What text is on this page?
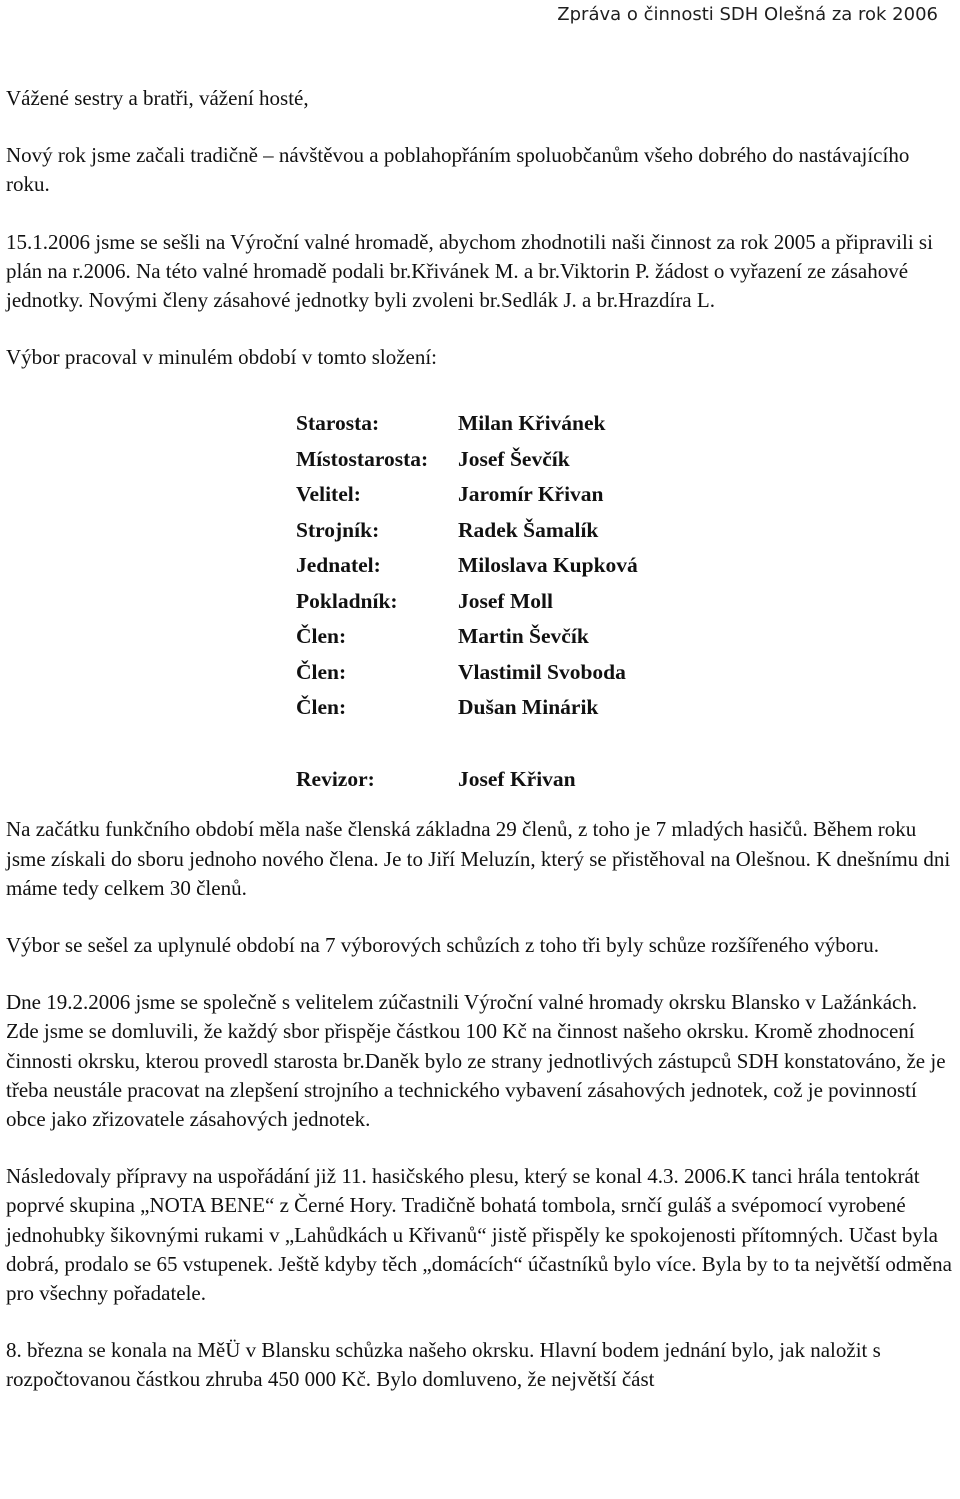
Zpráva o činnosti SDH Olešná za rok 2006

Vážené sestry a bratři, vážení hosté,

Nový rok jsme začali tradičně – návštěvou a poblahopřáním spoluobčanům všeho dobrého do nastávajícího roku.

15.1.2006 jsme se sešli na Výroční valné hromadě, abychom zhodnotili naši činnost za rok 2005 a připravili si plán na r.2006. Na této valné hromadě podali br.Křivánek M. a br.Viktorin P. žádost o vyřazení ze zásahové jednotky. Novými členy zásahové jednotky byli zvoleni br.Sedlák J. a br.Hrazdíra L.

Výbor pracoval v minulém období v tomto složení:

Starosta:	Milan Křivánek
Místostarosta:	Josef Ševčík
Velitel:	Jaromír Křivan
Strojník:	Radek Šamalík
Jednatel:	Miloslava Kupková
Pokladník:	Josef Moll
Člen:	Martin Ševčík
Člen:	Vlastimil Svoboda
Člen:	Dušan Minárik
Revizor:	Josef Křivan

Na začátku funkčního období měla naše členská základna 29 členů, z toho je 7 mladých hasičů. Během roku jsme získali do sboru jednoho nového člena. Je to Jiří Meluzín, který se přistěhoval na Olešnou. K dnešnímu dni máme tedy celkem 30 členů.

Výbor se sešel za uplynulé období na 7 výborových schůzích z toho tři byly schůze rozšířeného výboru.

Dne 19.2.2006 jsme se společně s velitelem zúčastnili Výroční valné hromady okrsku Blansko v Lažánkách. Zde jsme se domluvili, že každý sbor přispěje částkou 100 Kč na činnost našeho okrsku. Kromě zhodnocení činnosti okrsku, kterou provedl starosta br.Daněk bylo ze strany jednotlivých zástupců SDH konstatováno, že je třeba neustále pracovat na zlepšení strojního a technického vybavení zásahových jednotek, což je povinností obce jako zřizovatele zásahových jednotek.

Následovaly přípravy na uspořádání již 11. hasičského plesu, který se konal 4.3. 2006.K tanci hrála tentokrát poprvé skupina „NOTA BENE“ z Černé Hory. Tradičně bohatá tombola, srnčí guláš a svépomocí vyrobené jednohubky šikovnými rukami v „Lahůdkách u Křivanů“ jistě přispěly ke spokojenosti přítomných. Učast byla dobrá, prodalo se 65 vstupenek. Ještě kdyby těch „domácích“ účastníků bylo více. Byla by to ta největší odměna pro všechny pořadatele.

8. března se konala na MěÜ v Blansku schůzka našeho okrsku. Hlavní bodem jednání bylo, jak naložit s rozpočtovanou částkou zhruba 450 000 Kč. Bylo domluveno, že největší část
